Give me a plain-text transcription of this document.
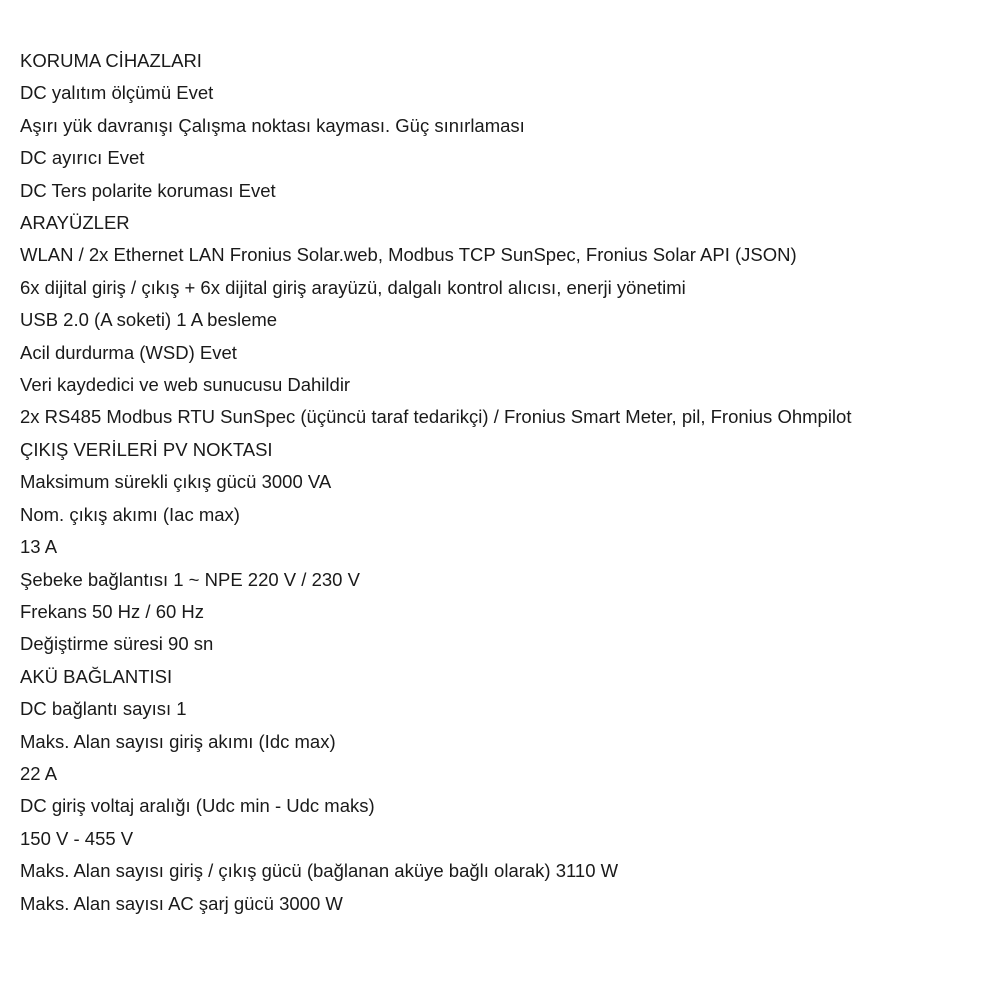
KORUMA CİHAZLARI
DC yalıtım ölçümü Evet
Aşırı yük davranışı Çalışma noktası kayması. Güç sınırlaması
DC ayırıcı Evet
DC Ters polarite koruması Evet
ARAYÜZLER
WLAN / 2x Ethernet LAN Fronius Solar.web, Modbus TCP SunSpec, Fronius Solar API (JSON)
6x dijital giriş / çıkış + 6x dijital giriş arayüzü, dalgalı kontrol alıcısı, enerji yönetimi
USB 2.0 (A soketi) 1 A besleme
Acil durdurma (WSD) Evet
Veri kaydedici ve web sunucusu Dahildir
2x RS485 Modbus RTU SunSpec (üçüncü taraf tedarikçi) / Fronius Smart Meter, pil, Fronius Ohmpilot
ÇIKIŞ VERİLERİ PV NOKTASI
Maksimum sürekli çıkış gücü 3000 VA
Nom. çıkış akımı (Iac max)
13 A
Şebeke bağlantısı 1 ~ NPE 220 V / 230 V
Frekans 50 Hz / 60 Hz
Değiştirme süresi 90 sn
AKÜ BAĞLANTISI
DC bağlantı sayısı 1
Maks. Alan sayısı giriş akımı (Idc max)
22 A
DC giriş voltaj aralığı (Udc min - Udc maks)
150 V - 455 V
Maks. Alan sayısı giriş / çıkış gücü (bağlanan aküye bağlı olarak) 3110 W
Maks. Alan sayısı AC şarj gücü 3000 W
